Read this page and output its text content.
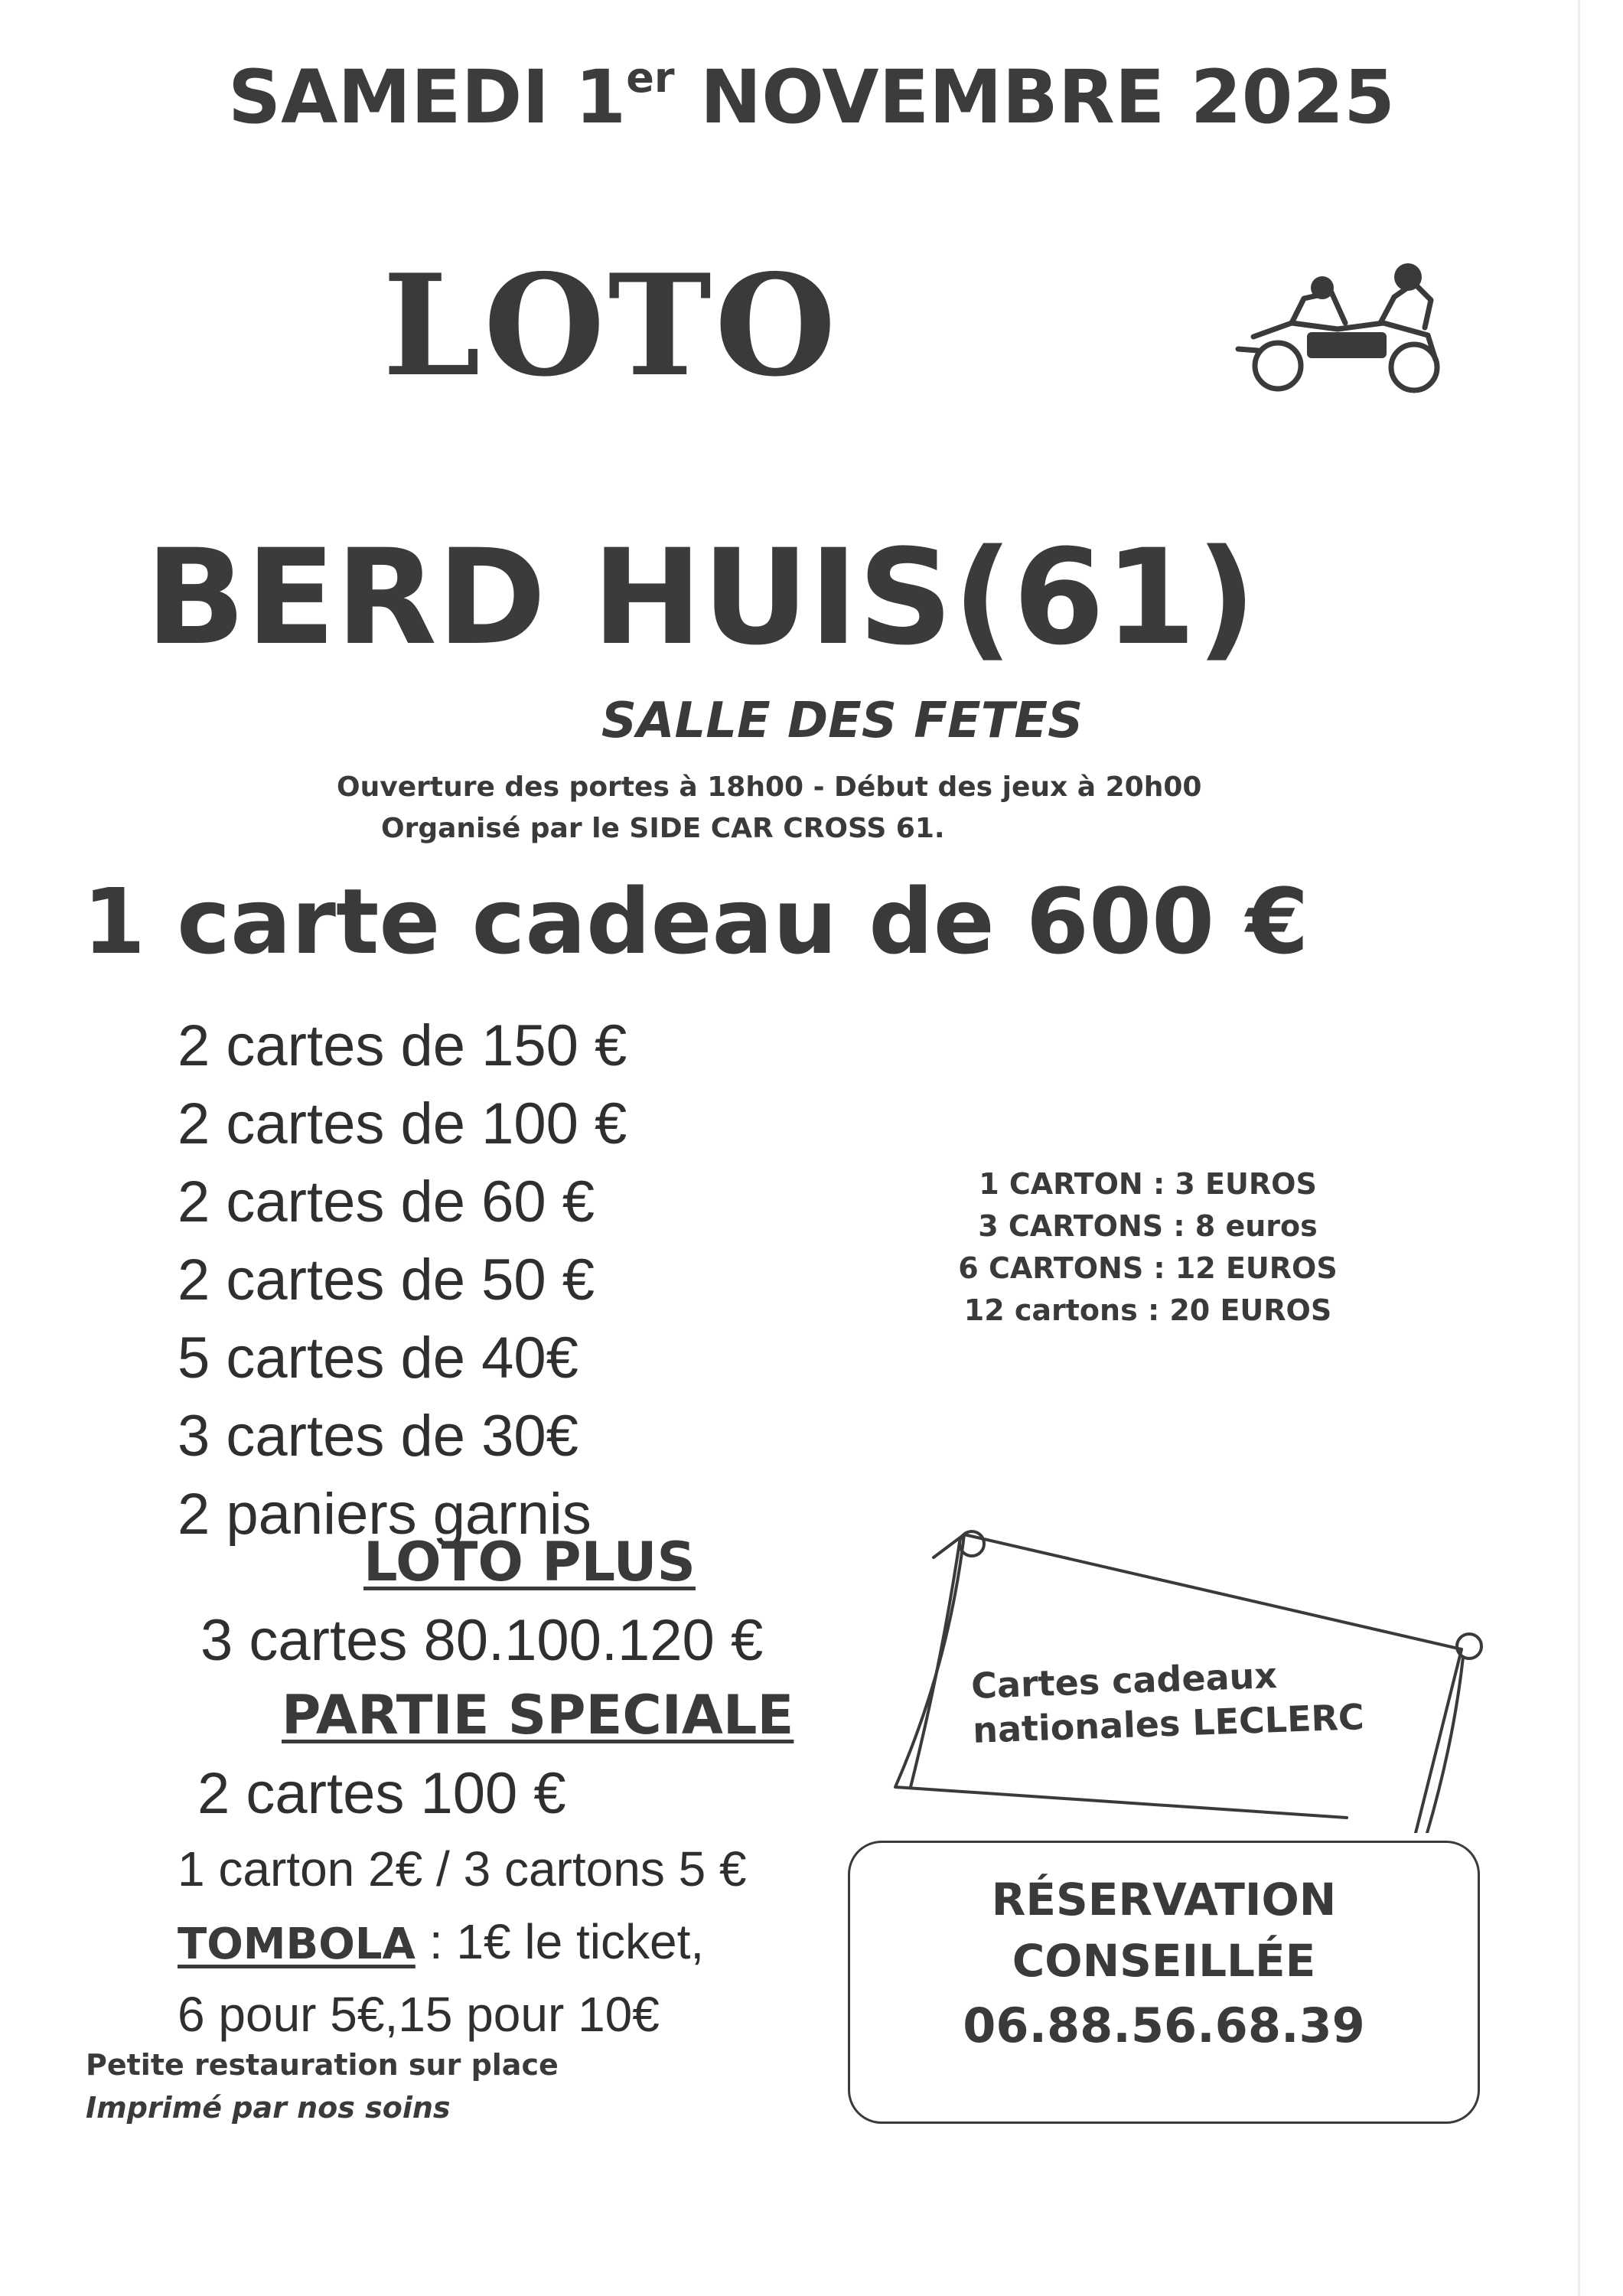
SAMEDI 1er NOVEMBRE 2025
LOTO
BERD HUIS(61)
SALLE DES FETES
Ouverture des portes à 18h00 - Début des jeux à 20h00
Organisé par le SIDE CAR CROSS 61.
1 carte cadeau de 600 €
2 cartes de 150 €
2 cartes de 100 €
2 cartes de 60 €
2 cartes de 50 €
5 cartes de 40€
3 cartes de 30€
2 paniers garnis
1 CARTON : 3 EUROS
3 CARTONS : 8 euros
6 CARTONS : 12 EUROS
12 cartons : 20 EUROS
LOTO PLUS
3 cartes 80.100.120 €
PARTIE SPECIALE
2 cartes 100 €
1 carton 2€ / 3 cartons 5 €
TOMBOLA : 1€ le ticket,
6 pour 5€,15 pour 10€
Petite restauration sur place
Imprimé par nos soins
Cartes cadeaux
nationales LECLERC
RÉSERVATION
CONSEILLÉE
06.88.56.68.39
